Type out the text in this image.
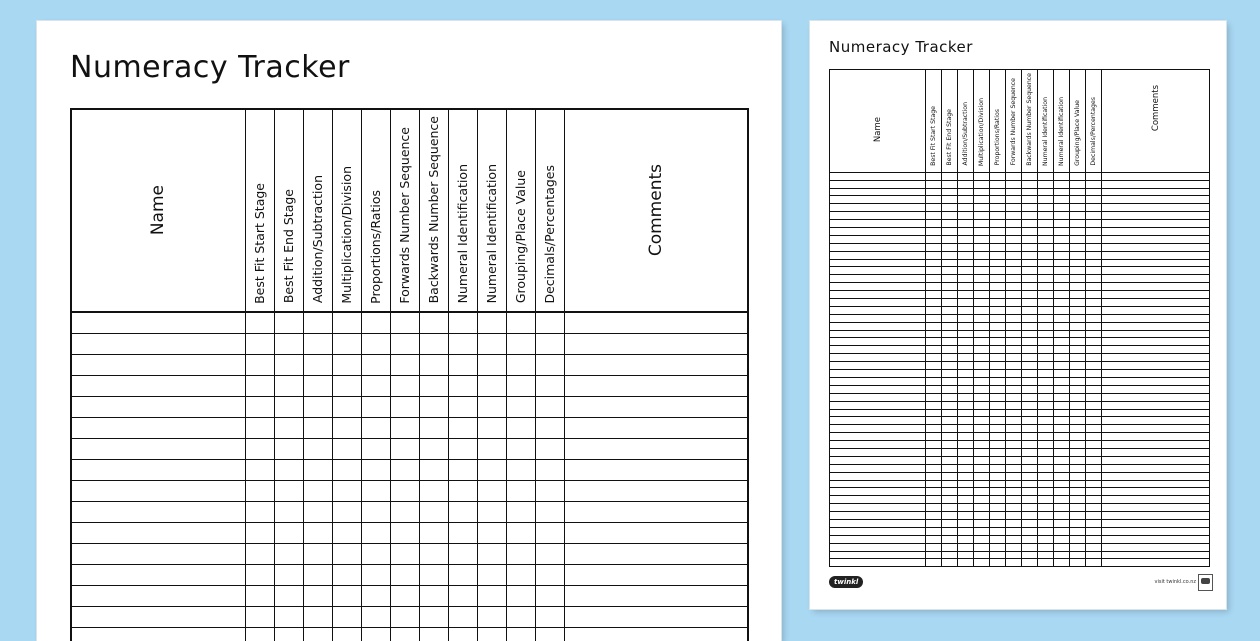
Numeracy Tracker
Name	Best Fit Start Stage	Best Fit End Stage	Addition/Subtraction	Multiplication/Division	Proportions/Ratios	Forwards Number Sequence	Backwards Number Sequence	Numeral Identification	Numeral Identification	Grouping/Place Value	Decimals/Percentages	Comments

Numeracy Tracker
Name	Best Fit Start Stage	Best Fit End Stage	Addition/Subtraction	Multiplication/Division	Proportions/Ratios	Forwards Number Sequence	Backwards Number Sequence	Numeral Identification	Numeral Identification	Grouping/Place Value	Decimals/Percentages	Comments

twinkl	visit twinkl.co.nz
